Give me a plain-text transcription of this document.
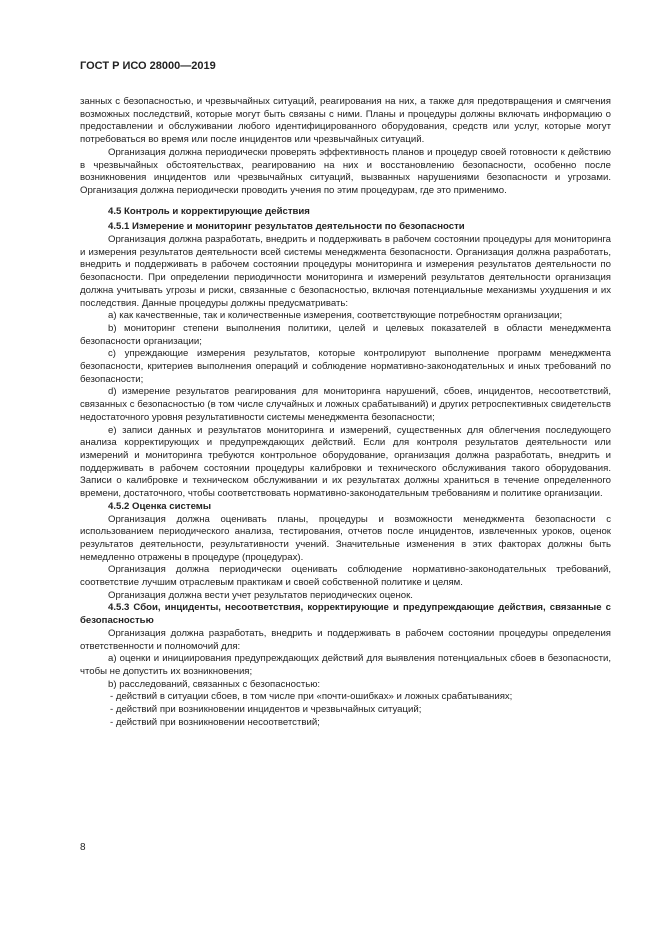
ГОСТ Р ИСО 28000—2019

занных с безопасностью, и чрезвычайных ситуаций, реагирования на них, а также для предотвращения и смягчения возможных последствий, которые могут быть связаны с ними. Планы и процедуры должны включать информацию о предоставлении и обслуживании любого идентифицированного оборудования, средств или услуг, которые могут потребоваться во время или после инцидентов или чрезвычайных ситуаций.

Организация должна периодически проверять эффективность планов и процедур своей готовности к действию в чрезвычайных обстоятельствах, реагированию на них и восстановлению безопасности, особенно после возникновения инцидентов или чрезвычайных ситуаций, вызванных нарушениями безопасности и угрозами. Организация должна периодически проводить учения по этим процедурам, где это применимо.

4.5 Контроль и корректирующие действия

4.5.1 Измерение и мониторинг результатов деятельности по безопасности

Организация должна разработать, внедрить и поддерживать в рабочем состоянии процедуры для мониторинга и измерения результатов деятельности всей системы менеджмента безопасности. Организация должна разработать, внедрить и поддерживать в рабочем состоянии процедуры мониторинга и измерения результатов деятельности по безопасности. При определении периодичности мониторинга и измерений результатов деятельности организация должна учитывать угрозы и риски, связанные с безопасностью, включая потенциальные механизмы ухудшения и их последствия. Данные процедуры должны предусматривать:

a) как качественные, так и количественные измерения, соответствующие потребностям организации;

b) мониторинг степени выполнения политики, целей и целевых показателей в области менеджмента безопасности организации;

c) упреждающие измерения результатов, которые контролируют выполнение программ менеджмента безопасности, критериев выполнения операций и соблюдение нормативно-законодательных и иных требований по безопасности;

d) измерение результатов реагирования для мониторинга нарушений, сбоев, инцидентов, несоответствий, связанных с безопасностью (в том числе случайных и ложных срабатываний) и других ретроспективных свидетельств недостаточного уровня результативности системы менеджмента безопасности;

e) записи данных и результатов мониторинга и измерений, существенных для облегчения последующего анализа корректирующих и предупреждающих действий. Если для контроля результатов деятельности или измерений и мониторинга требуются контрольное оборудование, организация должна разработать, внедрить и поддерживать в рабочем состоянии процедуры калибровки и технического обслуживания такого оборудования. Записи о калибровке и техническом обслуживании и их результатах должны храниться в течение определенного времени, достаточного, чтобы соответствовать нормативно-законодательным требованиям и политике организации.

4.5.2 Оценка системы

Организация должна оценивать планы, процедуры и возможности менеджмента безопасности с использованием периодического анализа, тестирования, отчетов после инцидентов, извлеченных уроков, оценок результатов деятельности, результативности учений. Значительные изменения в этих факторах должны быть немедленно отражены в процедуре (процедурах).

Организация должна периодически оценивать соблюдение нормативно-законодательных требований, соответствие лучшим отраслевым практикам и своей собственной политике и целям.

Организация должна вести учет результатов периодических оценок.

4.5.3 Сбои, инциденты, несоответствия, корректирующие и предупреждающие действия, связанные с безопасностью

Организация должна разработать, внедрить и поддерживать в рабочем состоянии процедуры определения ответственности и полномочий для:

a) оценки и инициирования предупреждающих действий для выявления потенциальных сбоев в безопасности, чтобы не допустить их возникновения;

b) расследований, связанных с безопасностью:

- действий в ситуации сбоев, в том числе при «почти-ошибках» и ложных срабатываниях;

- действий при возникновении инцидентов и чрезвычайных ситуаций;

- действий при возникновении несоответствий;

8
